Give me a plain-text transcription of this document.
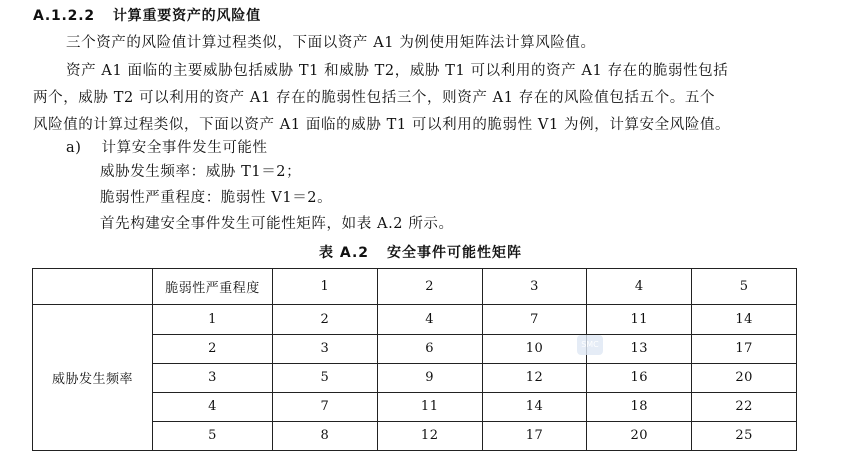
A.1.2.2 计算重要资产的风险值
三个资产的风险值计算过程类似，下面以资产 A1 为例使用矩阵法计算风险值。
资产 A1 面临的主要威胁包括威胁 T1 和威胁 T2，威胁 T1 可以利用的资产 A1 存在的脆弱性包括
两个，威胁 T2 可以利用的资产 A1 存在的脆弱性包括三个，则资产 A1 存在的风险值包括五个。五个
风险值的计算过程类似，下面以资产 A1 面临的威胁 T1 可以利用的脆弱性 V1 为例，计算安全风险值。
a) 计算安全事件发生可能性
威胁发生频率：威胁 T1＝2；
脆弱性严重程度：脆弱性 V1＝2。
首先构建安全事件发生可能性矩阵，如表 A.2 所示。
表 A.2 安全事件可能性矩阵
	脆弱性严重程度	1	2	3	4	5
威胁发生频率	1	2	4	7	11	14
	2	3	6	10	13	17
	3	5	9	12	16	20
	4	7	11	14	18	22
	5	8	12	17	20	25
SMC
